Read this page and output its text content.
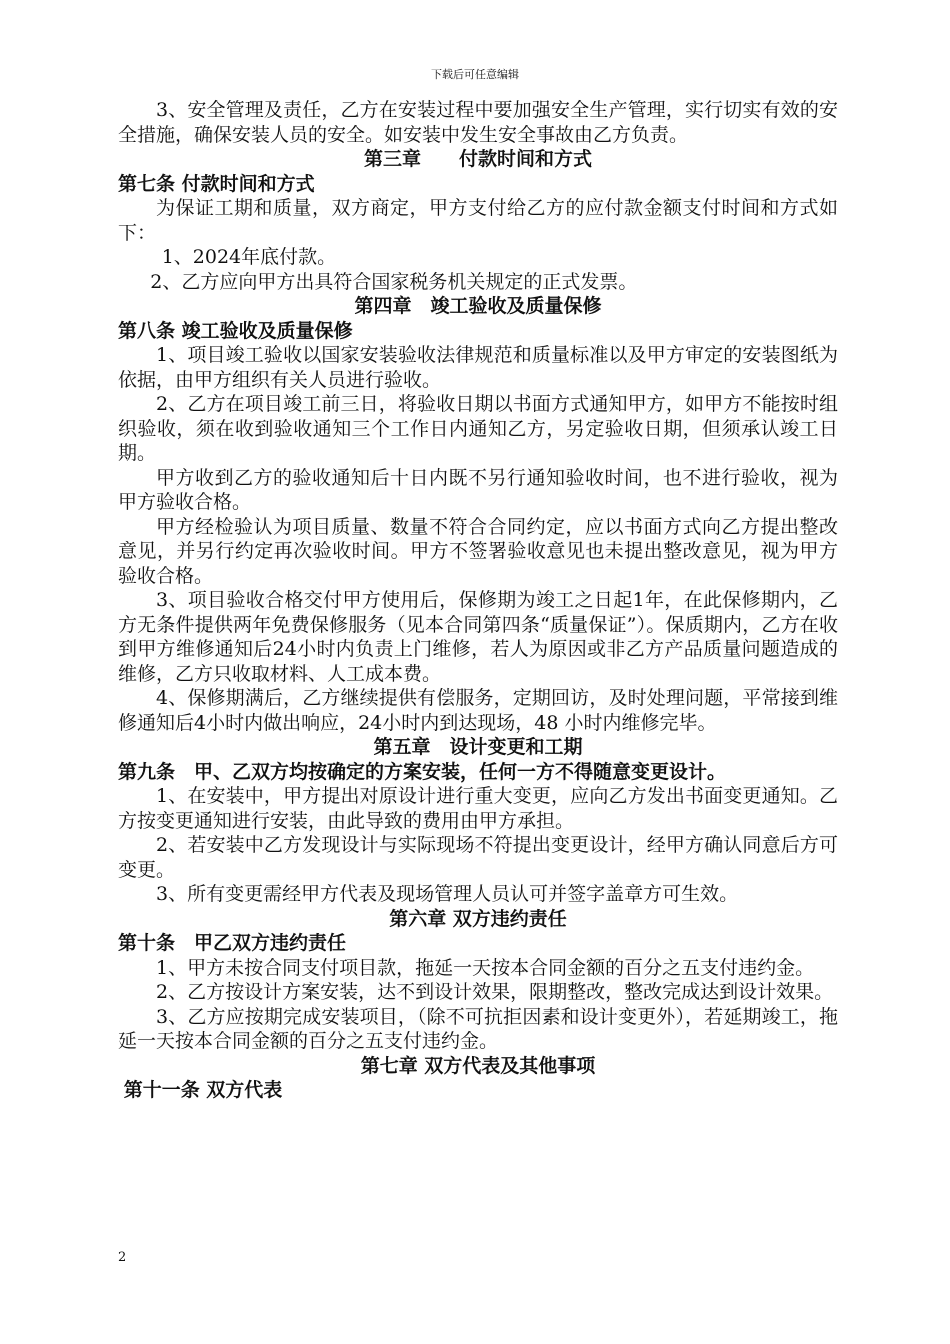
下载后可任意编辑

3、安全管理及责任，乙方在安装过程中要加强安全生产管理，实行切实有效的安全措施，确保安装人员的安全。如安装中发生安全事故由乙方负责。

第三章　　付款时间和方式

第七条 付款时间和方式

为保证工期和质量，双方商定，甲方支付给乙方的应付款金额支付时间和方式如下：

1、2024年底付款。

2、乙方应向甲方出具符合国家税务机关规定的正式发票。

第四章　竣工验收及质量保修

第八条 竣工验收及质量保修

1、项目竣工验收以国家安装验收法律规范和质量标准以及甲方审定的安装图纸为依据，由甲方组织有关人员进行验收。

2、乙方在项目竣工前三日，将验收日期以书面方式通知甲方，如甲方不能按时组织验收，须在收到验收通知三个工作日内通知乙方，另定验收日期，但须承认竣工日期。

甲方收到乙方的验收通知后十日内既不另行通知验收时间，也不进行验收，视为甲方验收合格。

甲方经检验认为项目质量、数量不符合合同约定，应以书面方式向乙方提出整改意见，并另行约定再次验收时间。甲方不签署验收意见也未提出整改意见，视为甲方验收合格。

3、项目验收合格交付甲方使用后，保修期为竣工之日起1年，在此保修期内，乙方无条件提供两年免费保修服务（见本合同第四条“质量保证”）。保质期内，乙方在收到甲方维修通知后24小时内负责上门维修，若人为原因或非乙方产品质量问题造成的维修，乙方只收取材料、人工成本费。

4、保修期满后，乙方继续提供有偿服务，定期回访，及时处理问题，平常接到维修通知后4小时内做出响应，24小时内到达现场，48 小时内维修完毕。

第五章　设计变更和工期

第九条　甲、乙双方均按确定的方案安装，任何一方不得随意变更设计。

1、在安装中，甲方提出对原设计进行重大变更，应向乙方发出书面变更通知。乙方按变更通知进行安装，由此导致的费用由甲方承担。

2、若安装中乙方发现设计与实际现场不符提出变更设计，经甲方确认同意后方可变更。

3、所有变更需经甲方代表及现场管理人员认可并签字盖章方可生效。

第六章 双方违约责任

第十条　甲乙双方违约责任

1、甲方未按合同支付项目款，拖延一天按本合同金额的百分之五支付违约金。

2、乙方按设计方案安装，达不到设计效果，限期整改，整改完成达到设计效果。

3、乙方应按期完成安装项目，（除不可抗拒因素和设计变更外），若延期竣工，拖延一天按本合同金额的百分之五支付违约金。

第七章 双方代表及其他事项

第十一条 双方代表

2
